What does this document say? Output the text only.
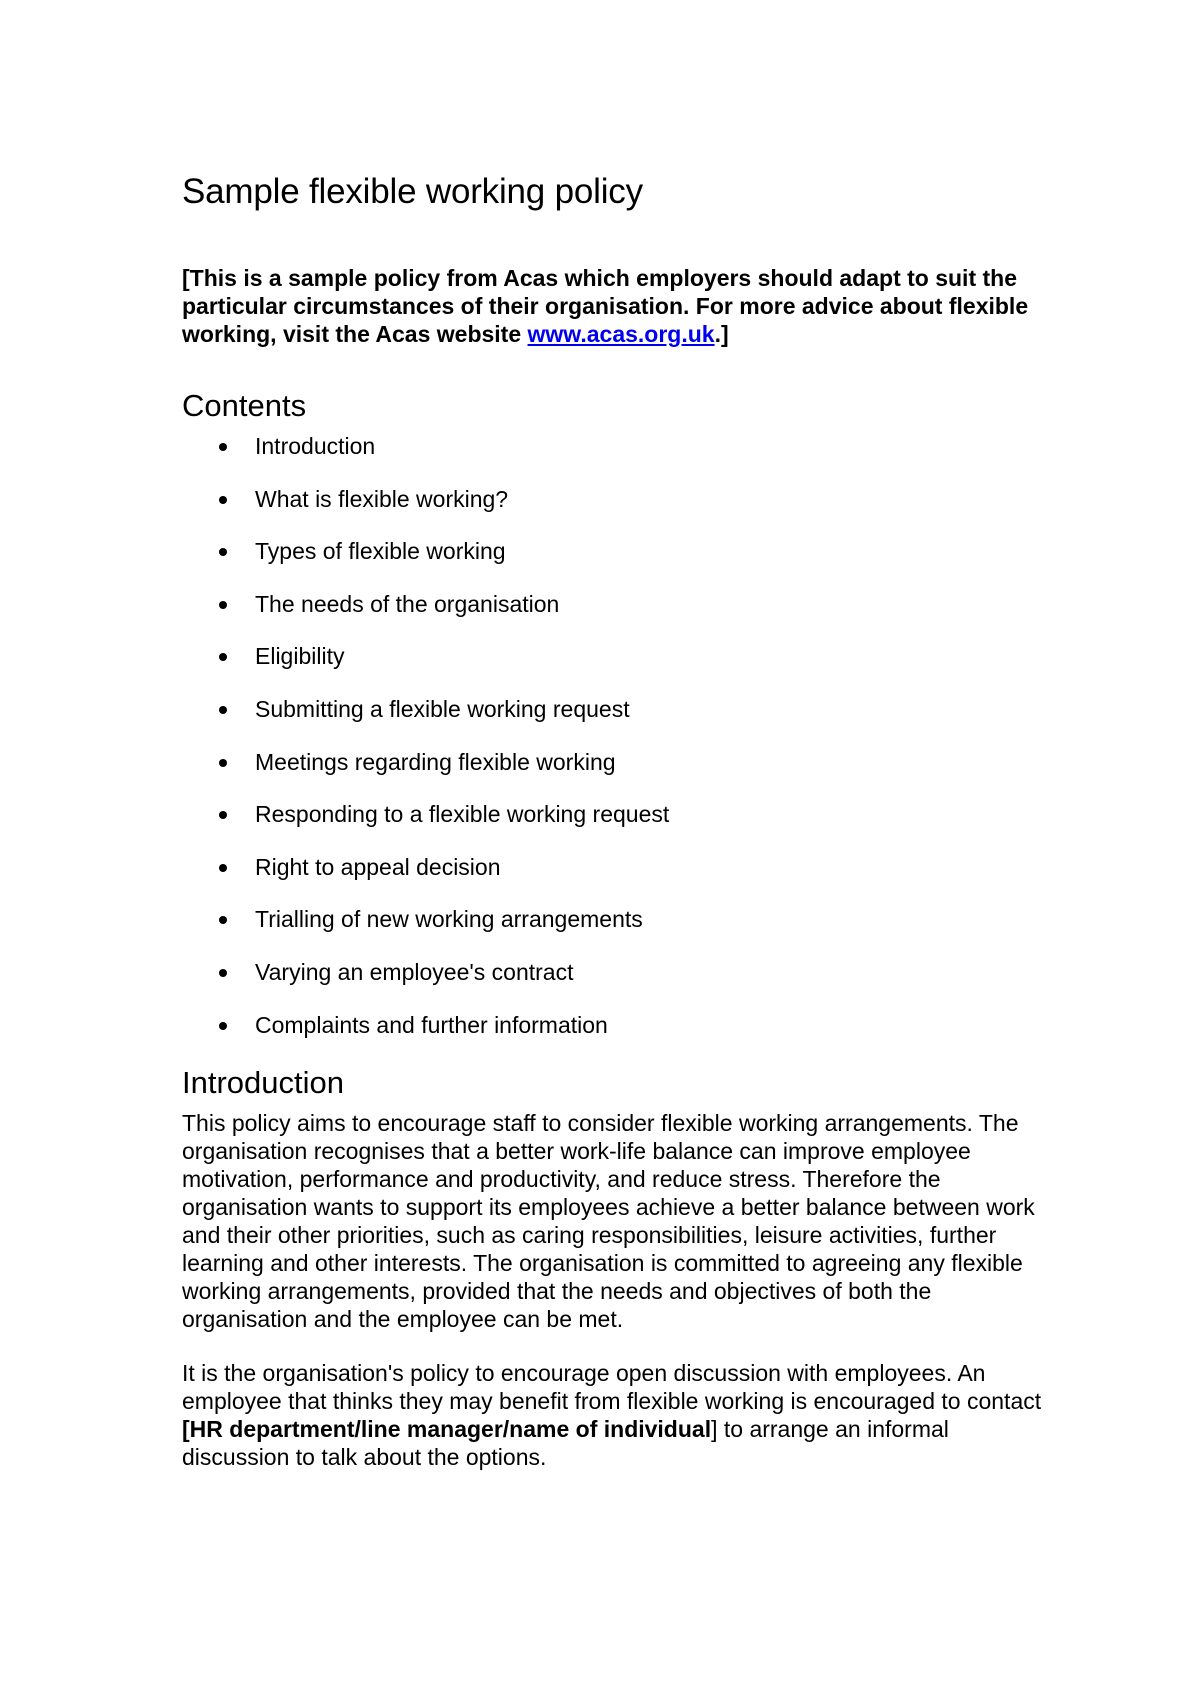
Sample flexible working policy

[This is a sample policy from Acas which employers should adapt to suit the particular circumstances of their organisation. For more advice about flexible working, visit the Acas website www.acas.org.uk.]

Contents
Introduction
What is flexible working?
Types of flexible working
The needs of the organisation
Eligibility
Submitting a flexible working request
Meetings regarding flexible working
Responding to a flexible working request
Right to appeal decision
Trialling of new working arrangements
Varying an employee's contract
Complaints and further information
Introduction

This policy aims to encourage staff to consider flexible working arrangements. The organisation recognises that a better work-life balance can improve employee motivation, performance and productivity, and reduce stress. Therefore the organisation wants to support its employees achieve a better balance between work and their other priorities, such as caring responsibilities, leisure activities, further learning and other interests. The organisation is committed to agreeing any flexible working arrangements, provided that the needs and objectives of both the organisation and the employee can be met.

It is the organisation's policy to encourage open discussion with employees. An employee that thinks they may benefit from flexible working is encouraged to contact [HR department/line manager/name of individual] to arrange an informal discussion to talk about the options.
